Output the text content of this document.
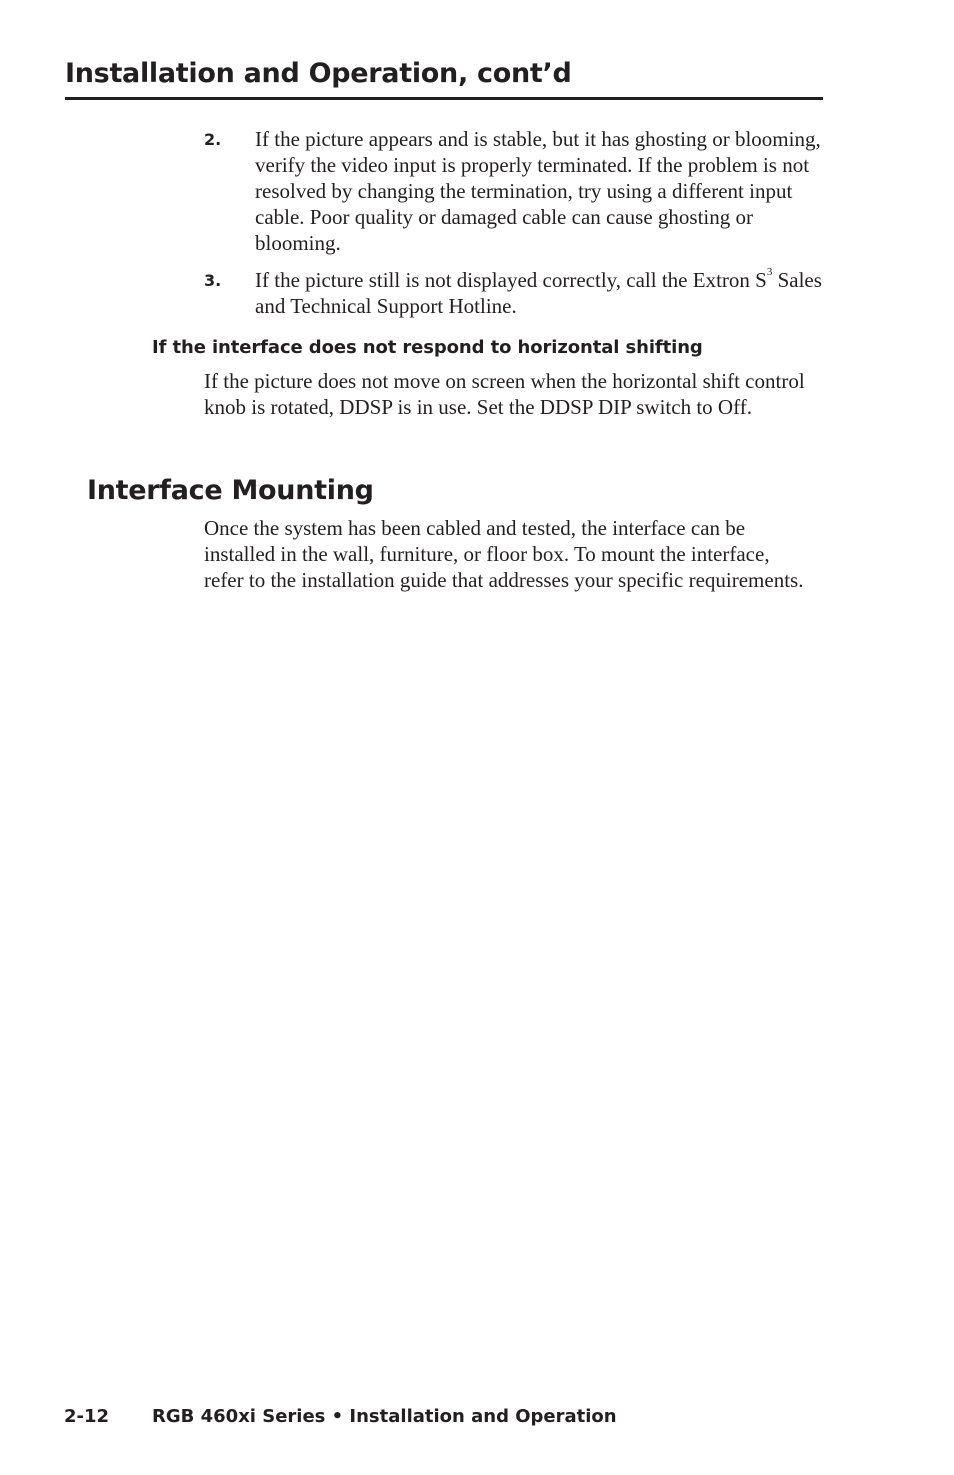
Installation and Operation, cont’d
2. If the picture appears and is stable, but it has ghosting or blooming, verify the video input is properly terminated. If the problem is not resolved by changing the termination, try using a different input cable. Poor quality or damaged cable can cause ghosting or blooming.

3. If the picture still is not displayed correctly, call the Extron $S^3$ Sales and Technical Support Hotline.

If the interface does not respond to horizontal shifting

If the picture does not move on screen when the horizontal shift control knob is rotated, DDSP is in use. Set the DDSP DIP switch to Off.

Interface Mounting

Once the system has been cabled and tested, the interface can be installed in the wall, furniture, or floor box. To mount the interface, refer to the installation guide that addresses your specific requirements.

2-12 RGB 460xi Series • Installation and Operation
